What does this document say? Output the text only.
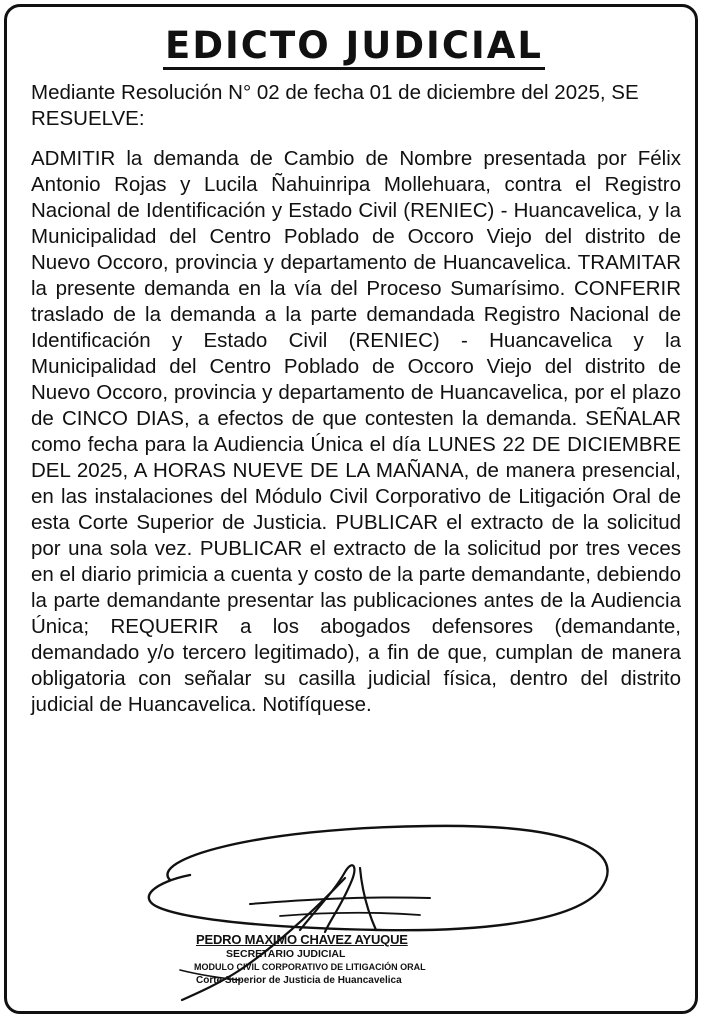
EDICTO JUDICIAL

Mediante Resolución N° 02 de fecha 01 de diciembre del 2025, SE RESUELVE:

ADMITIR la demanda de Cambio de Nombre presentada por Félix Antonio Rojas y Lucila Ñahuinripa Mollehuara, contra el Registro Nacional de Identificación y Estado Civil (RENIEC) - Huancavelica, y la Municipalidad del Centro Poblado de Occoro Viejo del distrito de Nuevo Occoro, provincia y departamento de Huancavelica. TRAMITAR la presente demanda en la vía del Proceso Sumarísimo. CONFERIR traslado de la demanda a la parte demandada Registro Nacional de Identificación y Estado Civil (RENIEC) - Huancavelica y la Municipalidad del Centro Poblado de Occoro Viejo del distrito de Nuevo Occoro, provincia y departamento de Huancavelica, por el plazo de CINCO DIAS, a efectos de que contesten la demanda. SEÑALAR como fecha para la Audiencia Única el día LUNES 22 DE DICIEMBRE DEL 2025, A HORAS NUEVE DE LA MAÑANA, de manera presencial, en las instalaciones del Módulo Civil Corporativo de Litigación Oral de esta Corte Superior de Justicia. PUBLICAR el extracto de la solicitud por una sola vez. PUBLICAR el extracto de la solicitud por tres veces en el diario primicia a cuenta y costo de la parte demandante, debiendo la parte demandante presentar las publicaciones antes de la Audiencia Única; REQUERIR a los abogados defensores (demandante, demandado y/o tercero legitimado), a fin de que, cumplan de manera obligatoria con señalar su casilla judicial física, dentro del distrito judicial de Huancavelica. Notifíquese.

PEDRO MAXIMO CHAVEZ AYUQUE
SECRETARIO JUDICIAL
MODULO CIVIL CORPORATIVO DE LITIGACIÓN ORAL
Corte Superior de Justicia de Huancavelica
